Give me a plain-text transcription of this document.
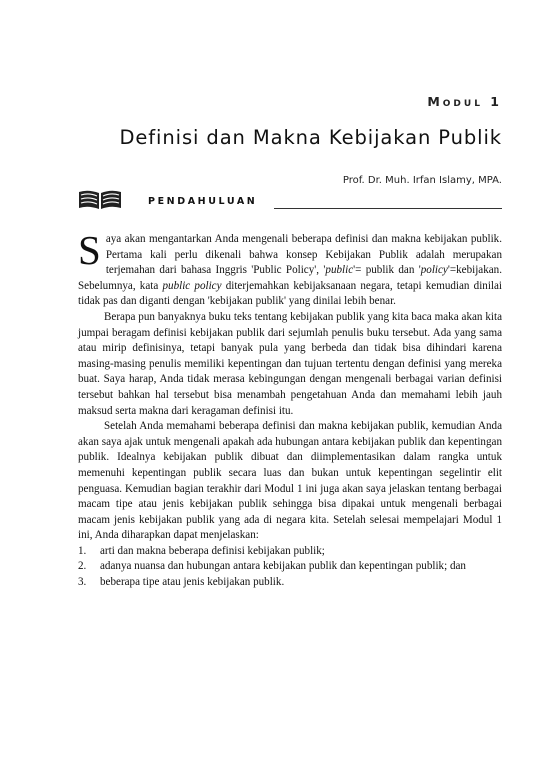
Modul 1
Definisi dan Makna Kebijakan Publik
Prof. Dr. Muh. Irfan Islamy, MPA.
PENDAHULUAN

Saya akan mengantarkan Anda mengenali beberapa definisi dan makna kebijakan publik. Pertama kali perlu dikenali bahwa konsep Kebijakan Publik adalah merupakan terjemahan dari bahasa Inggris 'Public Policy', 'public'= publik dan 'policy'=kebijakan. Sebelumnya, kata public policy diterjemahkan kebijaksanaan negara, tetapi kemudian dinilai tidak pas dan diganti dengan 'kebijakan publik' yang dinilai lebih benar.

Berapa pun banyaknya buku teks tentang kebijakan publik yang kita baca maka akan kita jumpai beragam definisi kebijakan publik dari sejumlah penulis buku tersebut. Ada yang sama atau mirip definisinya, tetapi banyak pula yang berbeda dan tidak bisa dihindari karena masing-masing penulis memiliki kepentingan dan tujuan tertentu dengan definisi yang mereka buat. Saya harap, Anda tidak merasa kebingungan dengan mengenali berbagai varian definisi tersebut bahkan hal tersebut bisa menambah pengetahuan Anda dan memahami lebih jauh maksud serta makna dari keragaman definisi itu.

Setelah Anda memahami beberapa definisi dan makna kebijakan publik, kemudian Anda akan saya ajak untuk mengenali apakah ada hubungan antara kebijakan publik dan kepentingan publik. Idealnya kebijakan publik dibuat dan diimplementasikan dalam rangka untuk memenuhi kepentingan publik secara luas dan bukan untuk kepentingan segelintir elit penguasa. Kemudian bagian terakhir dari Modul 1 ini juga akan saya jelaskan tentang berbagai macam tipe atau jenis kebijakan publik sehingga bisa dipakai untuk mengenali berbagai macam jenis kebijakan publik yang ada di negara kita. Setelah selesai mempelajari Modul 1 ini, Anda diharapkan dapat menjelaskan:

1. arti dan makna beberapa definisi kebijakan publik;
2. adanya nuansa dan hubungan antara kebijakan publik dan kepentingan publik; dan
3. beberapa tipe atau jenis kebijakan publik.
